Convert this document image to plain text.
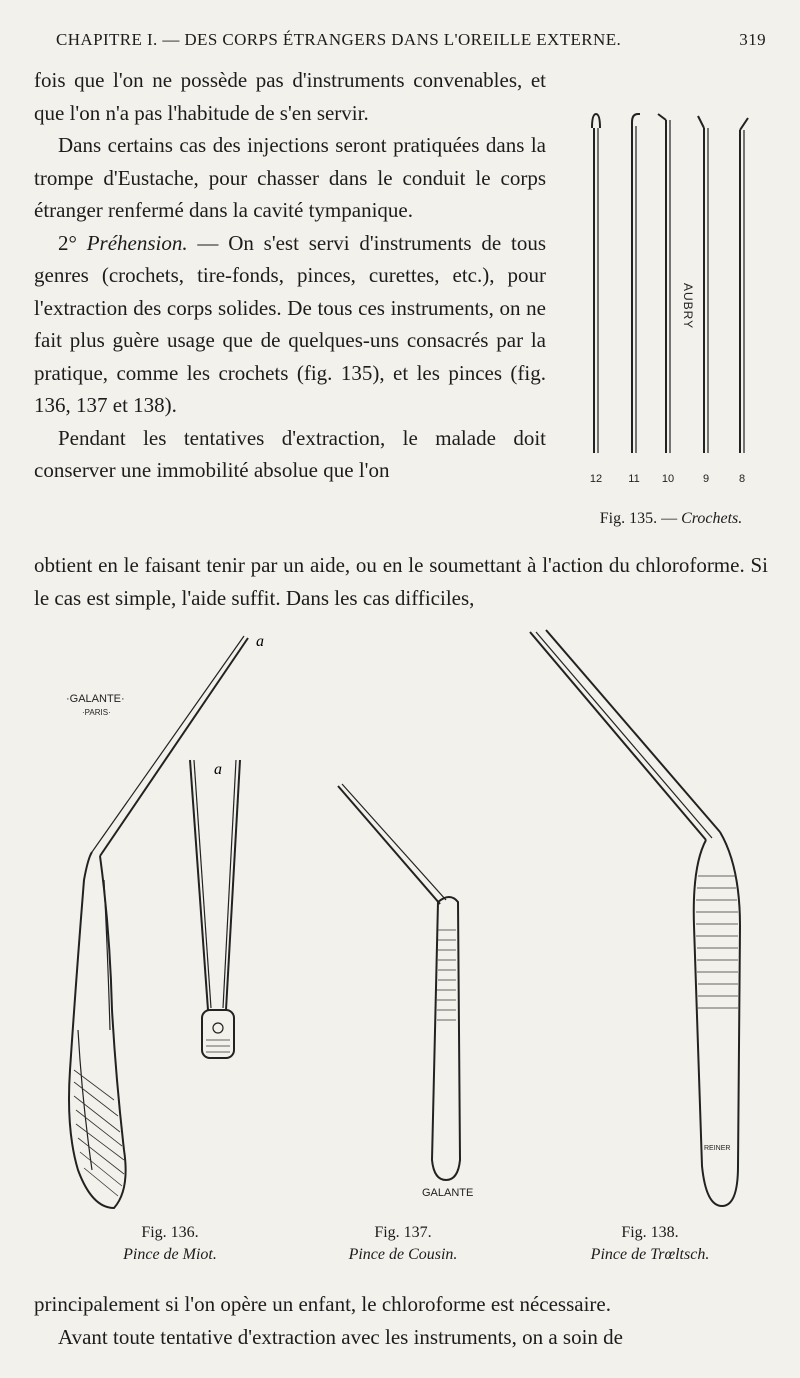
CHAPITRE I. — DES CORPS ÉTRANGERS DANS L'OREILLE EXTERNE.	319

fois que l'on ne possède pas d'instruments convenables, et que l'on n'a pas l'habitude de s'en servir.

Dans certains cas des injections seront pratiquées dans la trompe d'Eustache, pour chasser dans le conduit le corps étranger renfermé dans la cavité tympanique.

2° Préhension. — On s'est servi d'instruments de tous genres (crochets, tire-fonds, pinces, curettes, etc.), pour l'extraction des corps solides. De tous ces instruments, on ne fait plus guère usage que de quelques-uns consacrés par la pratique, comme les crochets (fig. 135), et les pinces (fig. 136, 137 et 138).

Pendant les tentatives d'extraction, le malade doit conserver une immobilité absolue que l'on

obtient en le faisant tenir par un aide, ou en le soumettant à l'action du chloroforme. Si le cas est simple, l'aide suffit. Dans les cas difficiles,

AUBRY
12 11 10	9	8
Fig. 135. — Crochets.
·GALANTE·
·PARIS·
a
a
Fig. 136.
Pince de Miot.
GALANTE
Fig. 137.
Pince de Cousin.
REINER
Fig. 138.
Pince de Trœltsch.

principalement si l'on opère un enfant, le chloroforme est nécessaire.

Avant toute tentative d'extraction avec les instruments, on a soin de
